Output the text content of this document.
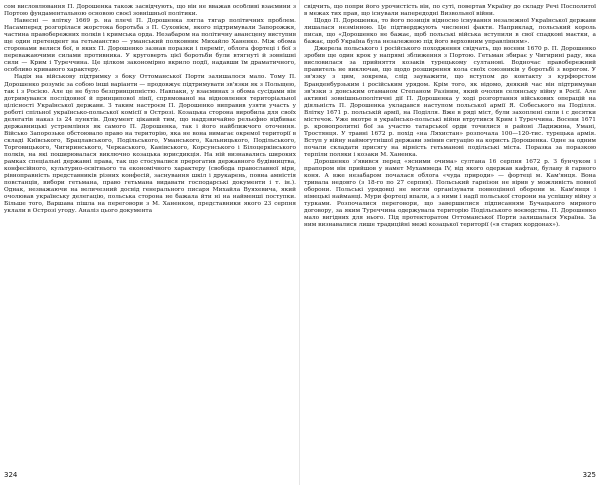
сом висловлювання П. Дорошенка також засвідчують, що він не вважав особливі взаємини з Портою фундаментальною основою своєї зовнішньої політики.

Навесні — влітку 1669 р. на плечі П. Дорошенка лягла тягар політичних проблем. Насамперед розгорілася жорстока боротьба з П. Суховієм, якого підтримували Запорожжя, частина правобережних полків і кримська орда. Незабаром на політичну авансцену виступив ще один претендент на гетьманство — уманський полковник Михайло Ханенко. Між обома сторонами велися бої, в яких П. Дорошенко зазнав поразки і переміг, облога фортеці і бої з переважаючими силами противника. У круговерть цієї боротьби були втягнуті й зовнішні сили — Крим і Туреччина. Це цілком закономірно вкрило події, надавши їм драматичного, особливо кривавого характеру.

Надія на військову підтримку з боку Оттоманської Порти залишалося мало. Тому П. Дорошенко розуміє за собою інші варіанти — продовжує підтримувати зв'язки як з Польщею, так і з Росією. Але це не було безпринципністю. Навпаки, у взаєминах з обома сусідами він дотримувався послідовної й принципової лінії, спрямованої на відновлення територіальної цілісності Української держави. З таким настроєм П. Дорошенко виправив узяти участь у роботі спільної українсько-польської комісії в Острозі. Козацька сторона виробила для своїх делегатів наказ із 24 пунктів. Документ цікавий тим, що наддзвичайно рельєфно відбиває державницькі устремління як самого П. Дорошенка, так і його найближчого оточення. Військо Запорозьке обстоювало право на територію, яка не вона вимагає окремої території в складі Київського, Брацлавського, Подільського, Уманського, Кальницького, Подільського, Торговицького, Чигиринського, Черкаського, Канівського, Корсунського і Білоцерківського полків, на які поширювалася виключно козацька юрисдикція. На ній визнавались широких рамках спеціальні державні права, так що стосувалися прерогатив державного будівництва, конфесійного, культурно-освітнього та економічного характеру (свобода православної віри, рівноправність представників різних конфесій, заснування шкіл і друкарень, повна амністія повстанців, вибори гетьмана, право гетьмана видавати господарські документи і т. ін.). Однак, незважаючи на величезний досвід генерального писаря Михайла Вуяхевича, який очолював українську делегацію, польська сторона не бажала йти ні на найменші поступки. Більше того, Варшава пішла на переговори з М. Ханенком, представники якого 23 серпня уклали в Острозі угоду. Аналіз цього документа

324

свідчить, що попри його урочистість він, по суті, повертав Україну до складу Речі Посполитої в межах тих прав, що існували напередодні Визвольної війни.

Щодо П. Дорошенка, то його позиція відносно існування незалежної Української держави лишалася незмінною. Це підтверджують численні факти. Наприклад, польський король писав, що «Дорошенко не бажає, щоб польські війська вступили в свої спадкові маєтки, а бажає, щоб Україна була незалежною під його верховним управлінням».

Джерела польського і російського походження свідчать, що восени 1670 р. П. Дорошенко зробив ще один крок у напрямі зближення з Портою. Гетьман збирає у Чигирині раду, яка висловилася за прийняття козаків турецькому султанові. Водночас правобережний правитель не виключав, що щодо розширення кола своїх союзників у боротьбі з ворогом. У зв'язку з цим, зокрема, слід зауважити, що вступом до контакту з курфюрстом Бранденбурзьким і російським урядом. Крім того, як відомо, деякий час він підтримував зв'язки з донським отаманом Степаном Разіним, який очолив селянську війну в Росії. Але активні зовнішньополітичні дії П. Дорошенка у ході розгортання військових операцій на діяльність П. Дорошенка укладався наступом польської армії Я. Собеського на Поділля. Влітку 1671 р. польській армії, на Поділля. Вже в ряді міст, були захоплені сили і с десятки містечок. Уже вкотре в українсько-польські війни втрутився Крим і Туреччина. Восени 1671 р. кровопролитні бої за участю татарської орди точилися в районі Ладижина, Умані, Тростянця. У травні 1672 р. похід «на Ляхистан» розпочала 100—120-тис. турецька армія. Вступ у війну наймогутнішої держави змінив ситуацію на користь Дорошенка. Одне за одним почали складати присягу на вірність гетьманові подільські міста. Поразка за поразкою терпіли поляки і козаки М. Ханенка.

Дорошенко з'явився перед «ясними очима» султана 16 серпня 1672 р. З бунчуком і прапором він прийшов у намет Мухаммеда IV, від якого одержав кафтан, булаву й гарного коня. А вже незабаром почалася облога «чуда природи» — фортеці м. Кам'янця. Вона тривала недовго (з 18-го по 27 серпня). Польський гарнізон не вірив у можливість повної оборони. Польські урядовці не могли організувати повноцінної оборони м. Кам'янця і німецькі найманці. Мури фортеці впали, а з ними і надії польської сторони на успішну війну з турками. Розпочалися переговори, що завершилися підписанням Бучацького мирного договору, за яким Туреччина одержувала територію Подільського воєводства. П. Дорошенко мало вигідних для нього. Під протекторатом Оттоманської Порти залишалася Україна. За ним визнавалися лише традиційні межі козацької території («в старих кордонах»).

325
